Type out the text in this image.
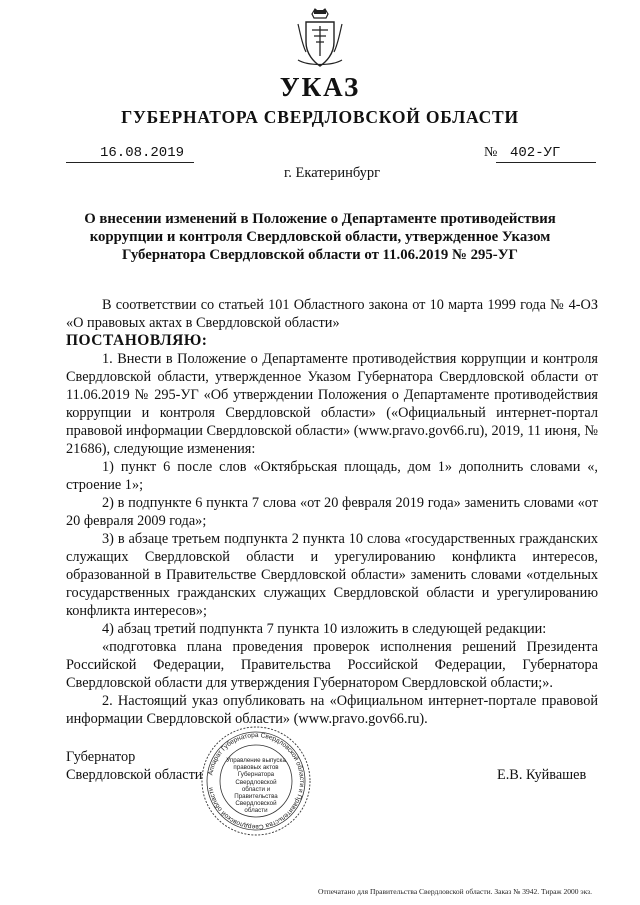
УКАЗ
ГУБЕРНАТОРА СВЕРДЛОВСКОЙ ОБЛАСТИ
16.08.2019	№ 402-УГ
г. Екатеринбург
О внесении изменений в Положение о Департаменте противодействия коррупции и контроля Свердловской области, утвержденное Указом Губернатора Свердловской области от 11.06.2019 № 295-УГ

В соответствии со статьей 101 Областного закона от 10 марта 1999 года № 4-ОЗ «О правовых актах в Свердловской области»

ПОСТАНОВЛЯЮ:

1. Внести в Положение о Департаменте противодействия коррупции и контроля Свердловской области, утвержденное Указом Губернатора Свердловской области от 11.06.2019 № 295-УГ «Об утверждении Положения о Департаменте противодействия коррупции и контроля Свердловской области» («Официальный интернет-портал правовой информации Свердловской области» (www.pravo.gov66.ru), 2019, 11 июня, № 21686), следующие изменения:

1) пункт 6 после слов «Октябрьская площадь, дом 1» дополнить словами «, строение 1»;

2) в подпункте 6 пункта 7 слова «от 20 февраля 2019 года» заменить словами «от 20 февраля 2009 года»;

3) в абзаце третьем подпункта 2 пункта 10 слова «государственных гражданских служащих Свердловской области и урегулированию конфликта интересов, образованной в Правительстве Свердловской области» заменить словами «отдельных государственных гражданских служащих Свердловской области и урегулированию конфликта интересов»;

4) абзац третий подпункта 7 пункта 10 изложить в следующей редакции:

«подготовка плана проведения проверок исполнения решений Президента Российской Федерации, Правительства Российской Федерации, Губернатора Свердловской области для утверждения Губернатором Свердловской области;».

2. Настоящий указ опубликовать на «Официальном интернет-портале правовой информации Свердловской области» (www.pravo.gov66.ru).

Губернатор
Свердловской области	Е.В. Куйвашев
Аппарат Губернатора Свердловской области и Правительства Свердловской области
Управление выпуска правовых актов Губернатора Свердловской области и Правительства Свердловской области
Отпечатано для Правительства Свердловской области. Заказ № 3942. Тираж 2000 экз.
